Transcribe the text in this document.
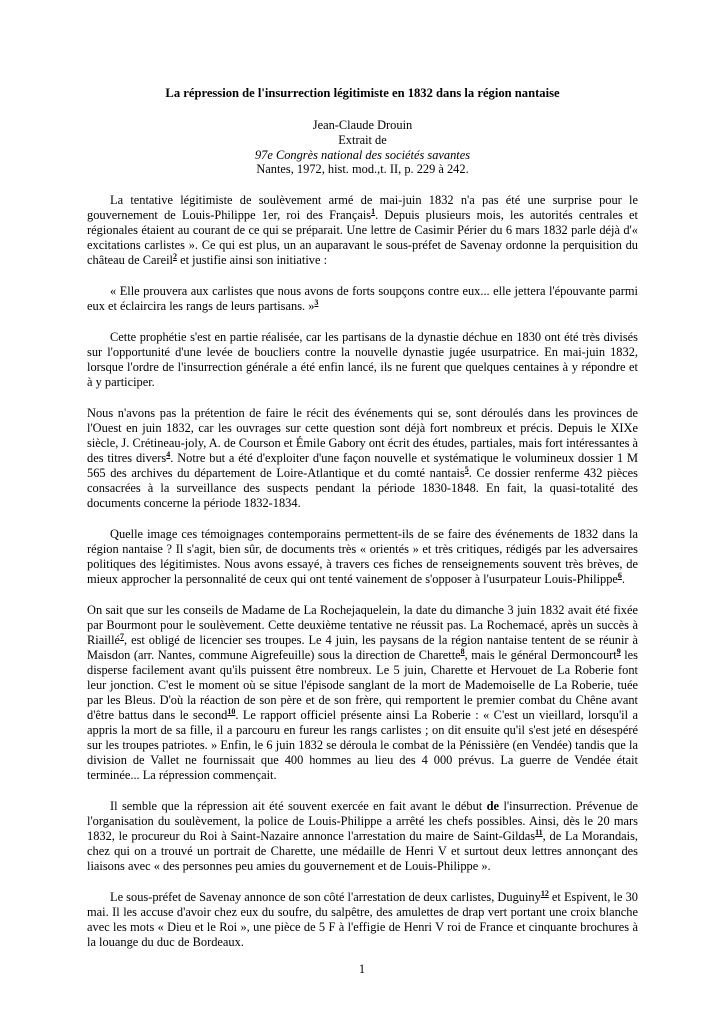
La répression de l'insurrection légitimiste en 1832 dans la région nantaise
Jean-Claude Drouin
Extrait de
97e Congrès national des sociétés savantes
Nantes, 1972, hist. mod.,t. II, p. 229 à 242.

La tentative légitimiste de soulèvement armé de mai-juin 1832 n'a pas été une surprise pour le gouvernement de Louis-Philippe 1er, roi des Français$^1$. Depuis plusieurs mois, les autorités centrales et régionales étaient au courant de ce qui se préparait. Une lettre de Casimir Périer du 6 mars 1832 parle déjà d'« excitations carlistes ». Ce qui est plus, un an auparavant le sous-préfet de Savenay ordonne la perquisition du château de Careil$^2$ et justifie ainsi son initiative :

« Elle prouvera aux carlistes que nous avons de forts soupçons contre eux... elle jettera l'épouvante parmi eux et éclaircira les rangs de leurs partisans. »$^3$

Cette prophétie s'est en partie réalisée, car les partisans de la dynastie déchue en 1830 ont été très divisés sur l'opportunité d'une levée de boucliers contre la nouvelle dynastie jugée usurpatrice. En mai-juin 1832, lorsque l'ordre de l'insurrection générale a été enfin lancé, ils ne furent que quelques centaines à y répondre et à y participer.

Nous n'avons pas la prétention de faire le récit des événements qui se, sont déroulés dans les provinces de l'Ouest en juin 1832, car les ouvrages sur cette question sont déjà fort nombreux et précis. Depuis le XIXe siècle, J. Crétineau-joly, A. de Courson et Émile Gabory ont écrit des études, partiales, mais fort intéressantes à des titres divers$^4$. Notre but a été d'exploiter d'une façon nouvelle et systématique le volumineux dossier 1 M 565 des archives du département de Loire-Atlantique et du comté nantais$^5$. Ce dossier renferme 432 pièces consacrées à la surveillance des suspects pendant la période 1830-1848. En fait, la quasi-totalité des documents concerne la période 1832-1834.

Quelle image ces témoignages contemporains permettent-ils de se faire des événements de 1832 dans la région nantaise ? Il s'agit, bien sûr, de documents très « orientés » et très critiques, rédigés par les adversaires politiques des légitimistes. Nous avons essayé, à travers ces fiches de renseignements souvent très brèves, de mieux approcher la personnalité de ceux qui ont tenté vainement de s'opposer à l'usurpateur Louis-Philippe$^6$.

On sait que sur les conseils de Madame de La Rochejaquelein, la date du dimanche 3 juin 1832 avait été fixée par Bourmont pour le soulèvement. Cette deuxième tentative ne réussit pas. La Rochemacé, après un succès à Riaillé$^7$, est obligé de licencier ses troupes. Le 4 juin, les paysans de la région nantaise tentent de se réunir à Maisdon (arr. Nantes, commune Aigrefeuille) sous la direction de Charette$^8$, mais le général Dermoncourt$^9$ les disperse facilement avant qu'ils puissent être nombreux. Le 5 juin, Charette et Hervouet de La Roberie font leur jonction. C'est le moment où se situe l'épisode sanglant de la mort de Mademoiselle de La Roberie, tuée par les Bleus. D'où la réaction de son père et de son frère, qui remportent le premier combat du Chêne avant d'être battus dans le second$^{10}$. Le rapport officiel présente ainsi La Roberie : « C'est un vieillard, lorsqu'il a appris la mort de sa fille, il a parcouru en fureur les rangs carlistes ; on dit ensuite qu'il s'est jeté en désespéré sur les troupes patriotes. » Enfin, le 6 juin 1832 se déroula le combat de la Pénissière (en Vendée) tandis que la division de Vallet ne fournissait que 400 hommes au lieu des 4 000 prévus. La guerre de Vendée était terminée... La répression commençait.

Il semble que la répression ait été souvent exercée en fait avant le début de l'insurrection. Prévenue de l'organisation du soulèvement, la police de Louis-Philippe a arrêté les chefs possibles. Ainsi, dès le 20 mars 1832, le procureur du Roi à Saint-Nazaire annonce l'arrestation du maire de Saint-Gildas$^{11}$, de La Morandais, chez qui on a trouvé un portrait de Charette, une médaille de Henri V et surtout deux lettres annonçant des liaisons avec « des personnes peu amies du gouvernement et de Louis-Philippe ».

Le sous-préfet de Savenay annonce de son côté l'arrestation de deux carlistes, Duguiny$^{12}$ et Espivent, le 30 mai. Il les accuse d'avoir chez eux du soufre, du salpêtre, des amulettes de drap vert portant une croix blanche avec les mots « Dieu et le Roi », une pièce de 5 F à l'effigie de Henri V roi de France et cinquante brochures à la louange du duc de Bordeaux.

1
